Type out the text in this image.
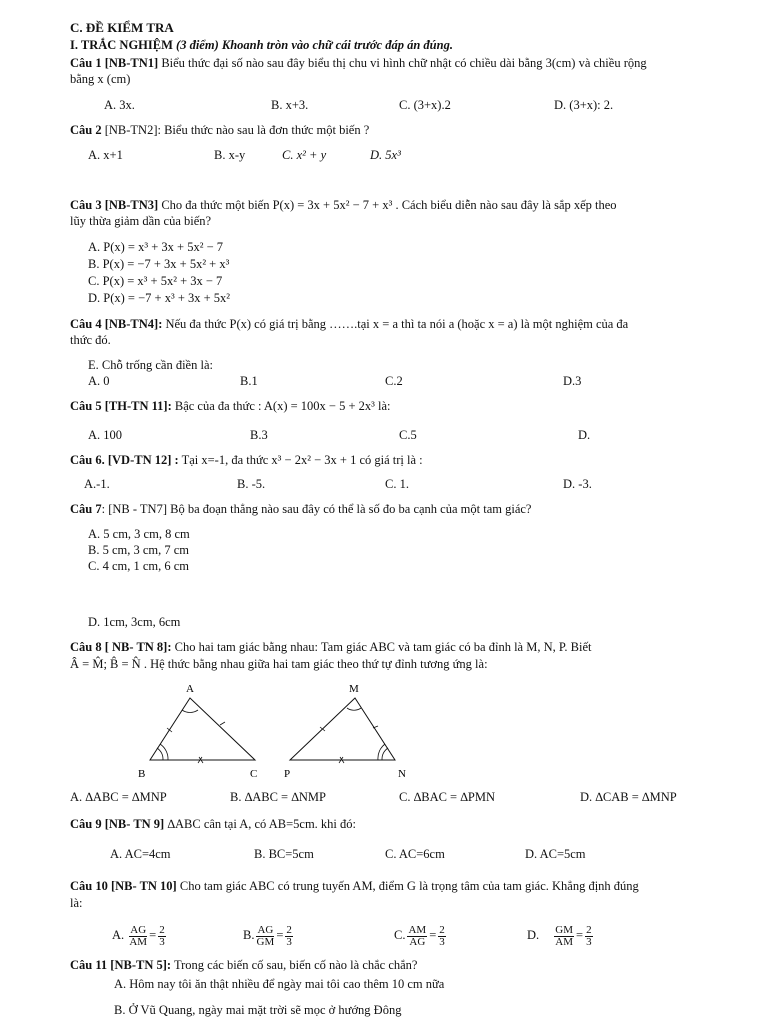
C. ĐỀ KIỂM TRA
I. TRẮC NGHIỆM (3 điểm) Khoanh tròn vào chữ cái trước đáp án đúng.
Câu 1 [NB-TN1] Biểu thức đại số nào sau đây biểu thị chu vi hình chữ nhật có chiều dài bằng 3(cm) và chiều rộng
bằng x (cm)
A. 3x.	B. x+3.	C. (3+x).2	D. (3+x): 2.
Câu 2 [NB-TN2]: Biểu thức nào sau là đơn thức một biến ?
A. x+1	B. x-y	C. x² + y	D. 5x³
Câu 3 [NB-TN3] Cho đa thức một biến P(x) = 3x + 5x² − 7 + x³ . Cách biểu diễn nào sau đây là sắp xếp theo
lũy thừa giảm dần của biến?
A. P(x) = x³ + 3x + 5x² − 7
B. P(x) = −7 + 3x + 5x² + x³
C. P(x) = x³ + 5x² + 3x − 7
D. P(x) = −7 + x³ + 3x + 5x²
Câu 4 [NB-TN4]: Nếu đa thức P(x) có giá trị bằng …….tại x = a thì ta nói a (hoặc x = a) là một nghiệm của đa
thức đó.
E. Chỗ trống cần điền là:
A. 0	B.1	C.2	D.3
Câu 5 [TH-TN 11]: Bậc của đa thức : A(x) = 100x − 5 + 2x³ là:
A. 100	B.3	C.5	D.
Câu 6. [VD-TN 12] : Tại x=-1, đa thức x³ − 2x² − 3x + 1 có giá trị là :
A.-1.	B. -5.	C. 1.	D. -3.
Câu 7: [NB - TN7] Bộ ba đoạn thẳng nào sau đây có thể là số đo ba cạnh của một tam giác?
A. 5 cm, 3 cm, 8 cm
B. 5 cm, 3 cm, 7 cm
C. 4 cm, 1 cm, 6 cm
D. 1cm, 3cm, 6cm
Câu 8 [ NB- TN 8]: Cho hai tam giác bằng nhau: Tam giác ABC và tam giác có ba đỉnh là M, N, P. Biết
Â = M̂; B̂ = N̂ . Hệ thức bằng nhau giữa hai tam giác theo thứ tự đỉnh tương ứng là:
A
B	C
M
P	N
A. ∆ABC = ∆MNP	B. ∆ABC = ∆NMP	C. ∆BAC = ∆PMN	D. ∆CAB = ∆MNP
Câu 9 [NB- TN 9] ∆ABC cân tại A, có AB=5cm. khi đó:
A. AC=4cm	B. BC=5cm	C. AC=6cm	D. AC=5cm
Câu 10 [NB- TN 10] Cho tam giác ABC có trung tuyến AM, điểm G là trọng tâm của tam giác. Khẳng định đúng
là:
A. $\frac{AG}{AM} = \frac{2}{3}$	B. $\frac{AG}{GM} = \frac{2}{3}$	C. $\frac{AM}{AG} = \frac{2}{3}$	D. $\frac{GM}{AM} = \frac{2}{3}$
Câu 11 [NB-TN 5]: Trong các biến cố sau, biến cố nào là chắc chắn?
A. Hôm nay tôi ăn thật nhiều để ngày mai tôi cao thêm 10 cm nữa
B. Ở Vũ Quang, ngày mai mặt trời sẽ mọc ở hướng Đông
